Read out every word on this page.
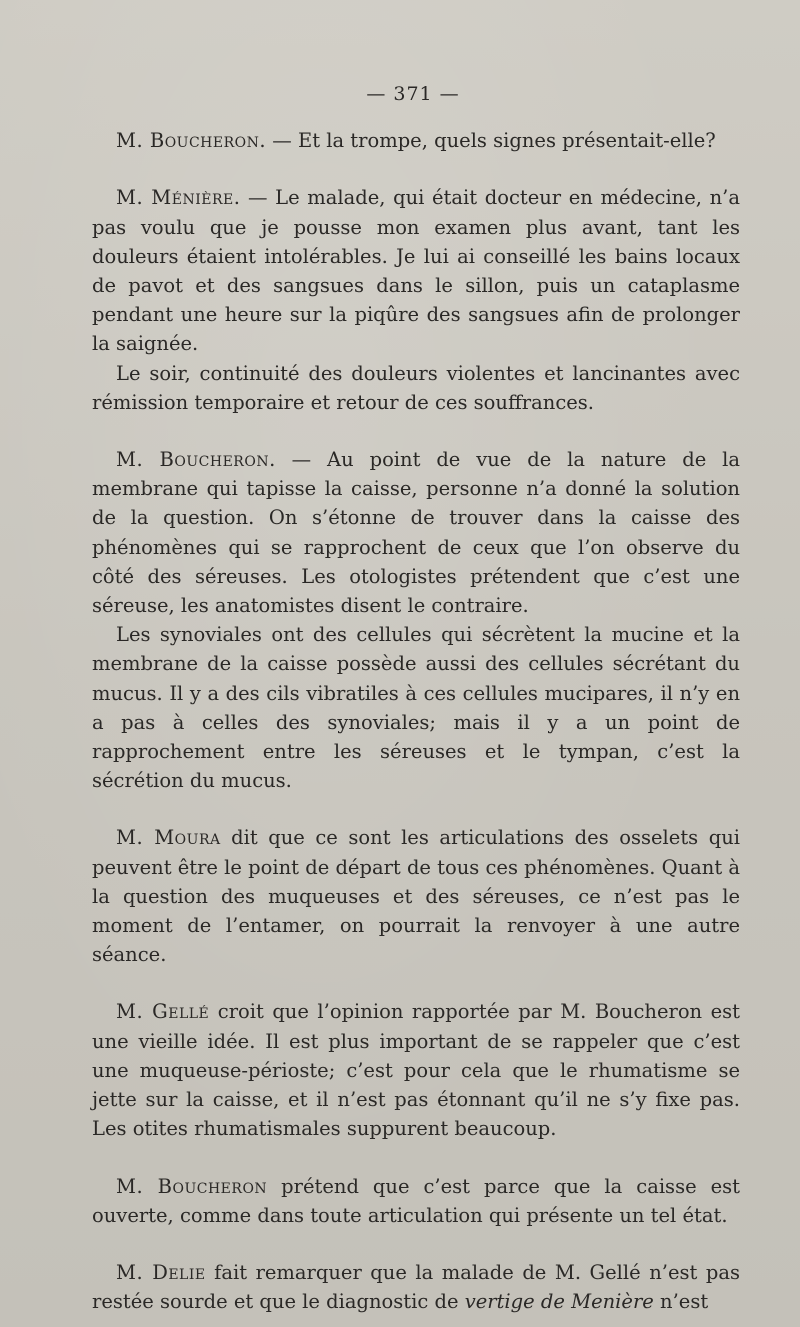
— 371 —

M. Boucheron. — Et la trompe, quels signes présentait-elle?

M. Ménière. — Le malade, qui était docteur en médecine, n’a pas voulu que je pousse mon examen plus avant, tant les douleurs étaient intolérables. Je lui ai conseillé les bains locaux de pavot et des sangsues dans le sillon, puis un cataplasme pendant une heure sur la piqûre des sangsues afin de prolonger la saignée.

Le soir, continuité des douleurs violentes et lancinantes avec rémission temporaire et retour de ces souffrances.

M. Boucheron. — Au point de vue de la nature de la membrane qui tapisse la caisse, personne n’a donné la solution de la question. On s’étonne de trouver dans la caisse des phénomènes qui se rapprochent de ceux que l’on observe du côté des séreuses. Les otologistes prétendent que c’est une séreuse, les anatomistes disent le contraire.

Les synoviales ont des cellules qui sécrètent la mucine et la membrane de la caisse possède aussi des cellules sécrétant du mucus. Il y a des cils vibratiles à ces cellules mucipares, il n’y en a pas à celles des synoviales; mais il y a un point de rapprochement entre les séreuses et le tympan, c’est la sécrétion du mucus.

M. Moura dit que ce sont les articulations des osselets qui peuvent être le point de départ de tous ces phénomènes. Quant à la question des muqueuses et des séreuses, ce n’est pas le moment de l’entamer, on pourrait la renvoyer à une autre séance.

M. Gellé croit que l’opinion rapportée par M. Boucheron est une vieille idée. Il est plus important de se rappeler que c’est une muqueuse-périoste; c’est pour cela que le rhumatisme se jette sur la caisse, et il n’est pas étonnant qu’il ne s’y fixe pas. Les otites rhumatismales suppurent beaucoup.

M. Boucheron prétend que c’est parce que la caisse est ouverte, comme dans toute articulation qui présente un tel état.

M. Delie fait remarquer que la malade de M. Gellé n’est pas restée sourde et que le diagnostic de vertige de Menière n’est
